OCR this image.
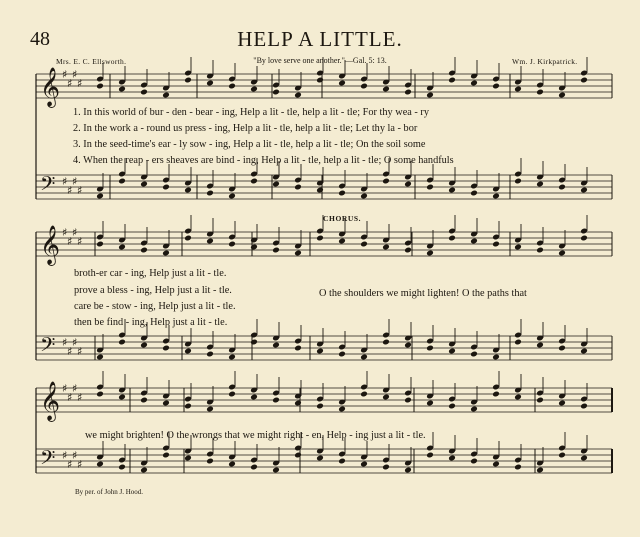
48	HELP A LITTLE.
Mrs. E. C. Ellsworth.	"By love serve one another."—Gal. 5: 13.	Wm. J. Kirkpatrick.
𝄞
𝄢
♯
♯
♯
♯
♯
♯
♯
♯
𝄞
𝄢
♯
♯
♯
♯
♯
♯
♯
♯
𝄞
𝄢
♯
♯
♯
♯
♯
♯
♯
♯
1. In this world of bur - den - bear - ing, Help a lit - tle, help a lit - tle; For thy wea - ry
2. In the work a - round us press - ing, Help a lit - tle, help a lit - tle; Let thy la - bor
3. In the seed-time's ear - ly sow - ing, Help a lit - tle, help a lit - tle; On the soil some
4. When the reap - ers sheaves are bind - ing, Help a lit - tle, help a lit - tle; O some handfuls
CHORUS.
broth-er car - ing, Help just a lit - tle.
prove a bless - ing, Help just a lit - tle.
care be - stow - ing, Help just a lit - tle.
then be find - ing, Help just a lit - tle.
O the shoulders we might lighten! O the paths that
we might brighten! O the wrongs that we might right - en, Help - ing just a lit - tle.
By per. of John J. Hood.
